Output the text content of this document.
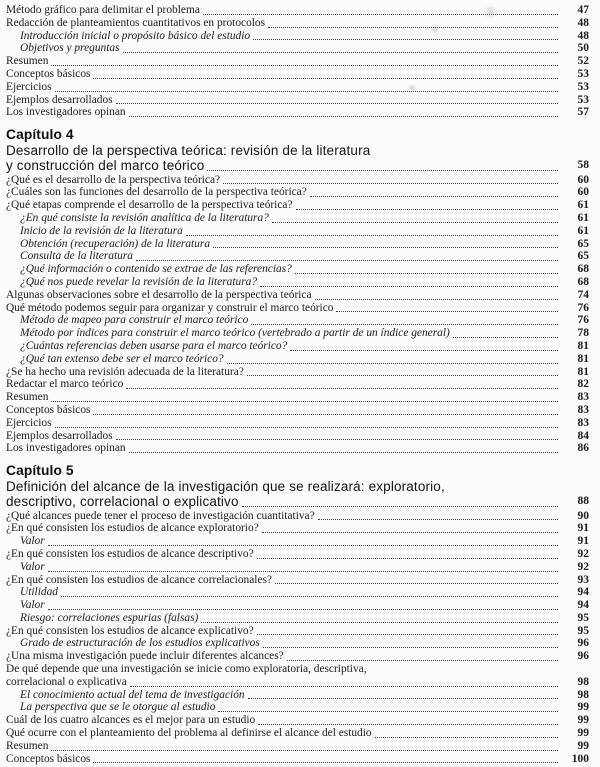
Método gráfico para delimitar el problema	47
Redacción de planteamientos cuantitativos en protocolos	48
Introducción inicial o propósito básico del estudio	48
Objetivos y preguntas	50
Resumen	52
Conceptos básicos	53
Ejercicios	53
Ejemplos desarrollados	53
Los investigadores opinan	57
Capítulo 4
Desarrollo de la perspectiva teórica: revisión de la literatura
y construcción del marco teórico	58
¿Qué es el desarrollo de la perspectiva teórica?	60
¿Cuáles son las funciones del desarrollo de la perspectiva teórica?	60
¿Qué etapas comprende el desarrollo de la perspectiva teórica?	61
¿En qué consiste la revisión analítica de la literatura?	61
Inicio de la revisión de la literatura	61
Obtención (recuperación) de la literatura	65
Consulta de la literatura	65
¿Qué información o contenido se extrae de las referencias?	68
¿Qué nos puede revelar la revisión de la literatura?	68
Algunas observaciones sobre el desarrollo de la perspectiva teórica	74
Qué método podemos seguir para organizar y construir el marco teórico	76
Método de mapeo para construir el marco teórico	76
Método por índices para construir el marco teórico (vertebrado a partir de un índice general)	78
¿Cuántas referencias deben usarse para el marco teórico?	81
¿Qué tan extenso debe ser el marco teórico?	81
¿Se ha hecho una revisión adecuada de la literatura?	81
Redactar el marco teórico	82
Resumen	83
Conceptos básicos	83
Ejercicios	83
Ejemplos desarrollados	84
Los investigadores opinan	86
Capítulo 5
Definición del alcance de la investigación que se realizará: exploratorio,
descriptivo, correlacional o explicativo	88
¿Qué alcances puede tener el proceso de investigación cuantitativa?	90
¿En qué consisten los estudios de alcance exploratorio?	91
Valor	91
¿En qué consisten los estudios de alcance descriptivo?	92
Valor	92
¿En qué consisten los estudios de alcance correlacionales?	93
Utilidad	94
Valor	94
Riesgo: correlaciones espurias (falsas)	95
¿En qué consisten los estudios de alcance explicativo?	95
Grado de estructuración de los estudios explicativos	96
¿Una misma investigación puede incluir diferentes alcances?	96
De qué depende que una investigación se inicie como exploratoria, descriptiva,
correlacional o explicativa	98
El conocimiento actual del tema de investigación	98
La perspectiva que se le otorgue al estudio	99
Cuál de los cuatro alcances es el mejor para un estudio	99
Qué ocurre con el planteamiento del problema al definirse el alcance del estudio	99
Resumen	99
Conceptos básicos	100
